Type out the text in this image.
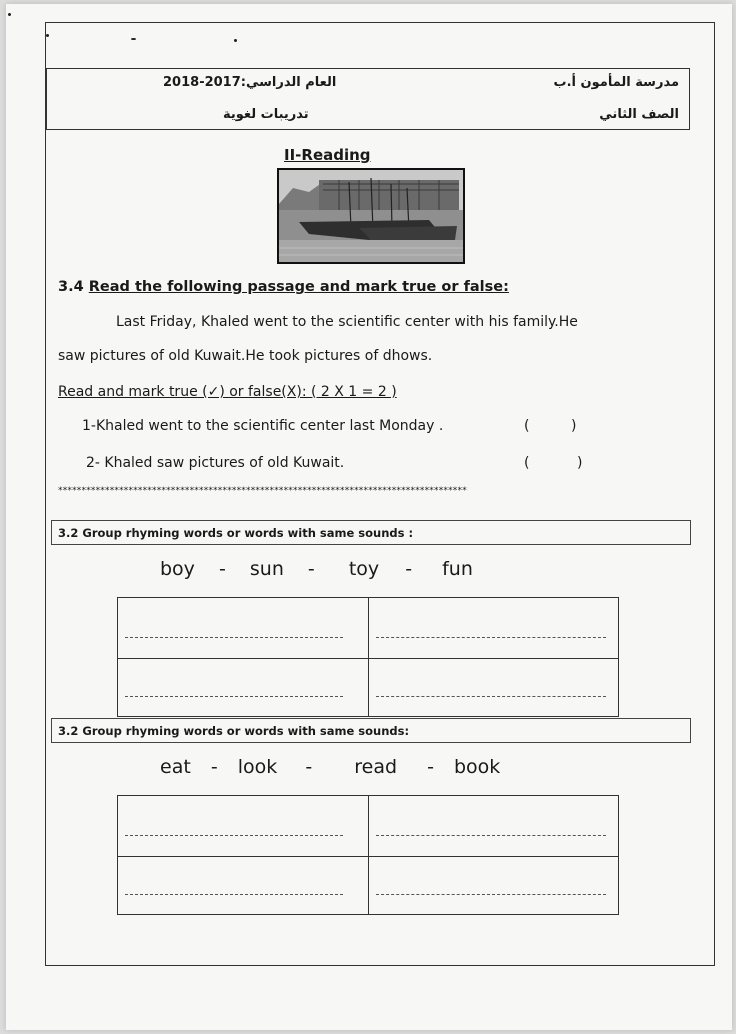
مدرسة المأمون أ.ب
العام الدراسي:2017-2018
الصف الثاني
تدريبات لغوية
II-Reading
3.4 Read the following passage and mark true or false:
Last Friday, Khaled went to the scientific center with his family.He
saw pictures of old Kuwait.He took pictures of dhows.
Read and mark true (✓) or false(X): ( 2 X 1 = 2 )
1-Khaled went to the scientific center last Monday .	(	)
2- Khaled saw pictures of old Kuwait.	(	)
***************************************************************************************
3.2 Group rhyming words or words with same sounds :
boy - sun - toy - fun
3.2 Group rhyming words or words with same sounds:
eat - look - read - book
